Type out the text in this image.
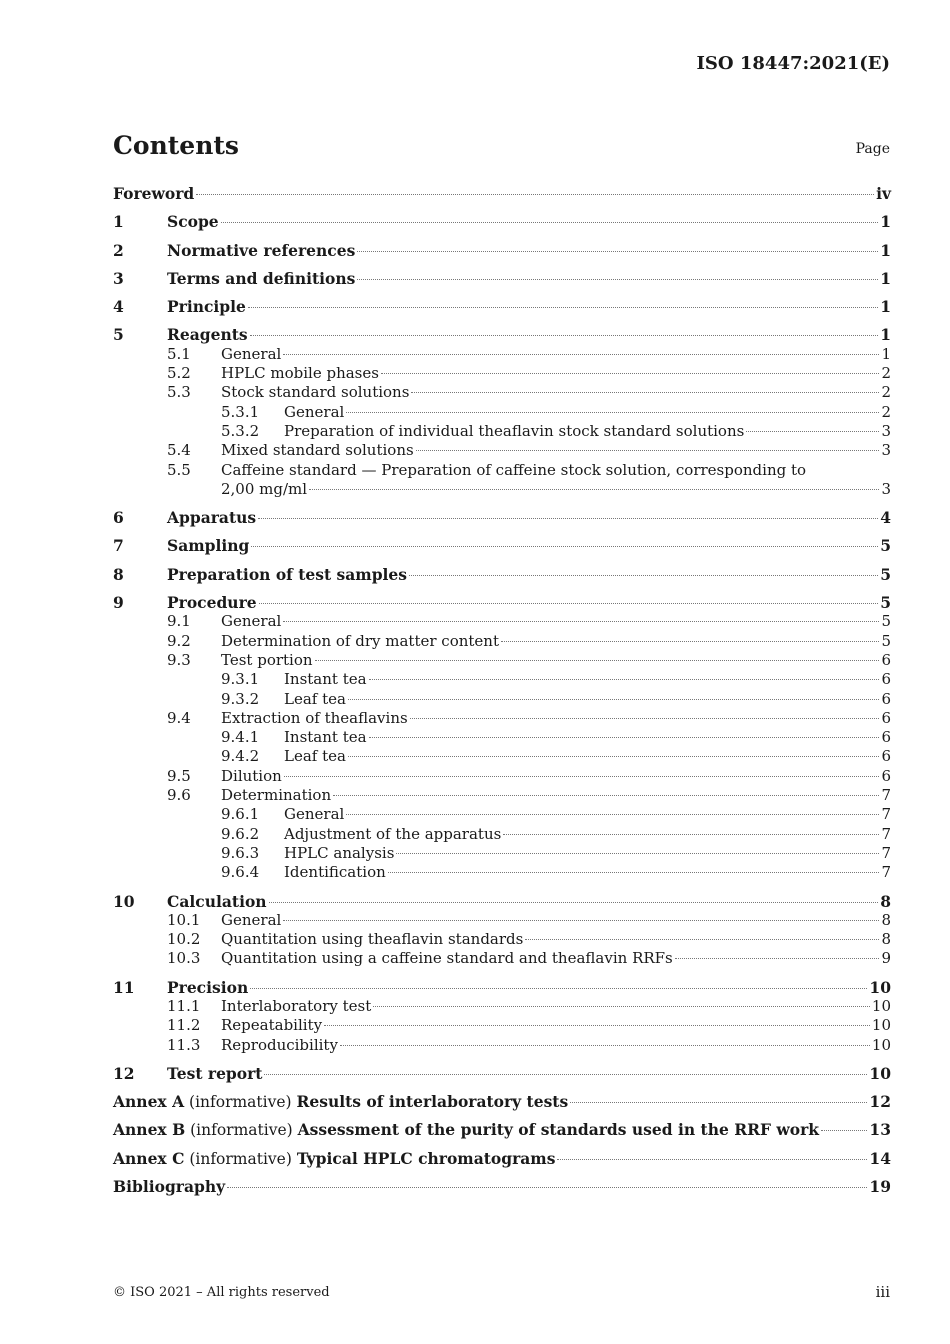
ISO 18447:2021(E)
Contents	Page
Foreword	iv
1	Scope	1
2	Normative references	1
3	Terms and definitions	1
4	Principle	1
5	Reagents	1
5.1	General	1
5.2	HPLC mobile phases	2
5.3	Stock standard solutions	2
5.3.1	General	2
5.3.2	Preparation of individual theaflavin stock standard solutions	3
5.4	Mixed standard solutions	3
5.5	Caffeine standard — Preparation of caffeine stock solution, corresponding to
2,00 mg/ml	3
6	Apparatus	4
7	Sampling	5
8	Preparation of test samples	5
9	Procedure	5
9.1	General	5
9.2	Determination of dry matter content	5
9.3	Test portion	6
9.3.1	Instant tea	6
9.3.2	Leaf tea	6
9.4	Extraction of theaflavins	6
9.4.1	Instant tea	6
9.4.2	Leaf tea	6
9.5	Dilution	6
9.6	Determination	7
9.6.1	General	7
9.6.2	Adjustment of the apparatus	7
9.6.3	HPLC analysis	7
9.6.4	Identification	7
10	Calculation	8
10.1	General	8
10.2	Quantitation using theaflavin standards	8
10.3	Quantitation using a caffeine standard and theaflavin RRFs	9
11	Precision	10
11.1	Interlaboratory test	10
11.2	Repeatability	10
11.3	Reproducibility	10
12	Test report	10
Annex A (informative) Results of interlaboratory tests	12
Annex B (informative) Assessment of the purity of standards used in the RRF work	13
Annex C (informative) Typical HPLC chromatograms	14
Bibliography	19
© ISO 2021 – All rights reserved	iii
